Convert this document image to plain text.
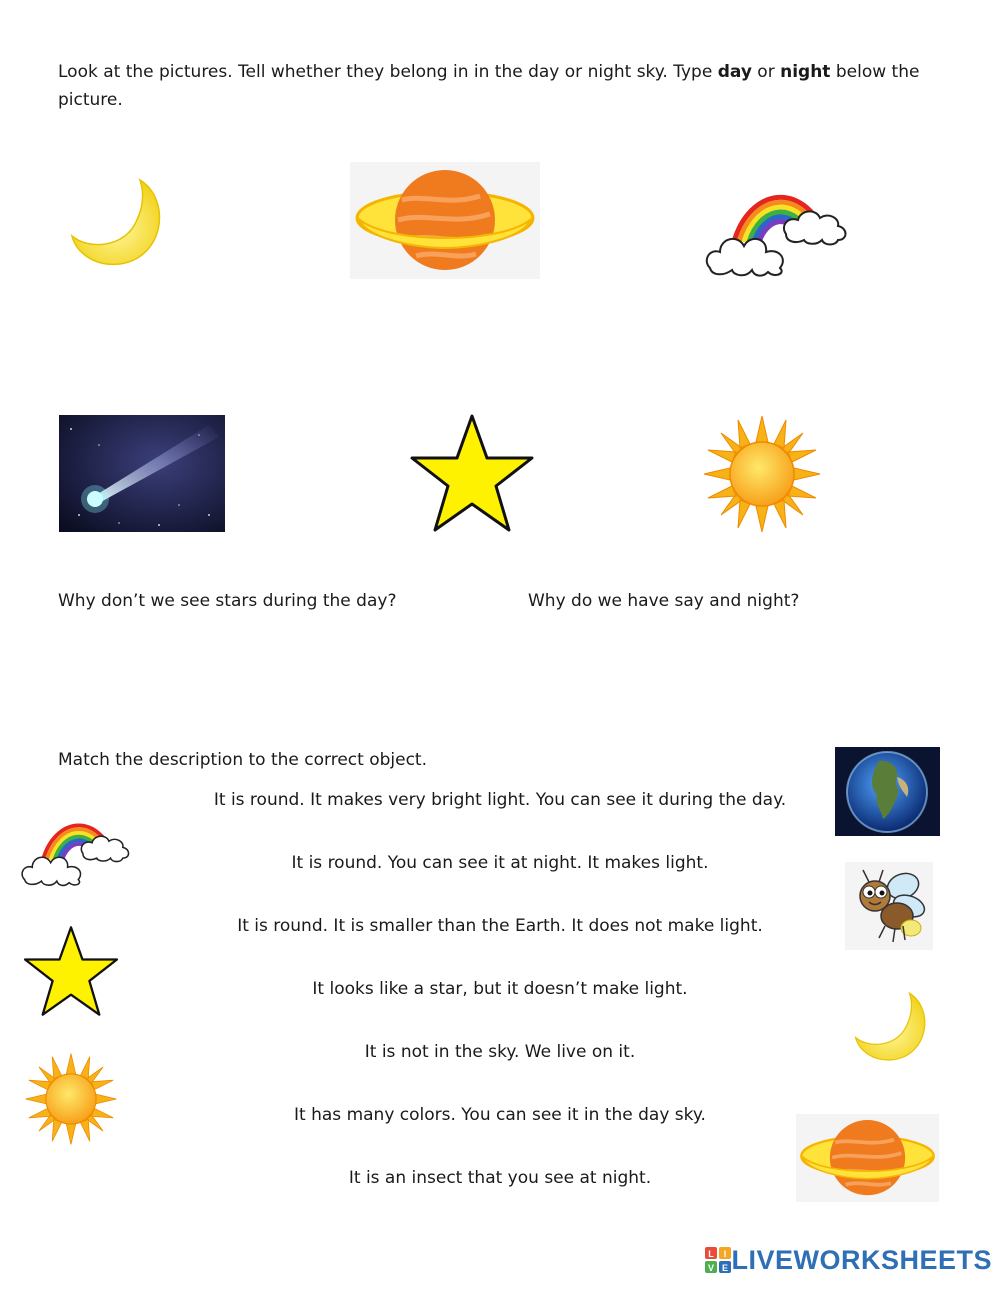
Look at the pictures. Tell whether they belong in in the day or night sky. Type day or night below the picture.
Why don’t we see stars during the day?	Why do we have say and night?
Match the description to the correct object.
It is round. It makes very bright light. You can see it during the day.
It is round. You can see it at night. It makes light.
It is round. It is smaller than the Earth. It does not make light.
It looks like a star, but it doesn’t make light.
It is not in the sky. We live on it.
It has many colors. You can see it in the day sky.
It is an insect that you see at night.
L I
V E LIVEWORKSHEETS
